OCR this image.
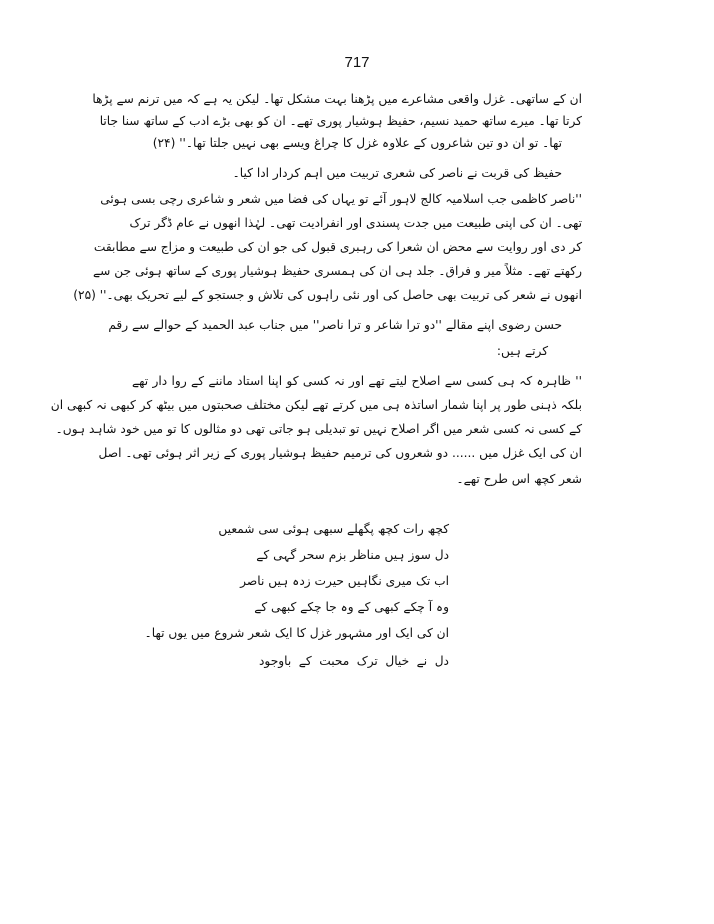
717
ان کے ساتھی۔ غزل واقعی مشاعرے میں پڑھنا بہت مشکل تھا۔ لیکن یہ ہے کہ میں ترنم سے پڑھا
کرتا تھا۔ میرے ساتھ حمید نسیم، حفیظ ہوشیار پوری تھے۔ ان کو بھی بڑے ادب کے ساتھ سنا جاتا
تھا۔ تو ان دو تین شاعروں کے علاوہ غزل کا چراغ ویسے بھی نہیں جلتا تھا۔'' (۲۴)
حفیظ کی قربت نے ناصر کی شعری تربیت میں اہم کردار ادا کیا۔
''ناصر کاظمی جب اسلامیہ کالج لاہور آئے تو یہاں کی فضا میں شعر و شاعری رچی بسی ہوئی
تھی۔ ان کی اپنی طبیعت میں جدت پسندی اور انفرادیت تھی۔ لہٰذا انھوں نے عام ڈگر ترک
کر دی اور روایت سے محض ان شعرا کی رہبری قبول کی جو ان کی طبیعت و مزاج سے مطابقت
رکھتے تھے۔ مثلاً میر و فراق۔ جلد ہی ان کی ہمسری حفیظ ہوشیار پوری کے ساتھ ہوئی جن سے
انھوں نے شعر کی تربیت بھی حاصل کی اور نئی راہوں کی تلاش و جستجو کے لیے تحریک بھی۔'' (۲۵)
حسن رضوی اپنے مقالے ''دو ترا شاعر و ترا ناصر'' میں جناب عبد الحمید کے حوالے سے رقم
کرتے ہیں:
'' ظاہرہ کہ ہی کسی سے اصلاح لیتے تھے اور نہ کسی کو اپنا استاد ماننے کے روا دار تھے
بلکہ ذہنی طور پر اپنا شمار اساتذہ ہی میں کرتے تھے لیکن مختلف صحبتوں میں بیٹھ کر کبھی نہ کبھی ان
کے کسی نہ کسی شعر میں اگر اصلاح نہیں تو تبدیلی ہو جاتی تھی دو مثالوں کا تو میں خود شاہد ہوں۔
ان کی ایک غزل میں ...... دو شعروں کی ترمیم حفیظ ہوشیار پوری کے زیر اثر ہوئی تھی۔ اصل
شعر کچھ اس طرح تھے۔
کچھ رات کچھ پگھلے سبھی ہوئی سی شمعیں
دل سوز ہیں مناظر بزم سحر گہی کے
اب تک میری نگاہیں حیرت زدہ ہیں ناصر
وہ آ چکے کبھی کے وہ جا چکے کبھی کے
ان کی ایک اور مشہور غزل کا ایک شعر شروع میں یوں تھا۔
دل نے خیال ترک محبت کے باوجود
